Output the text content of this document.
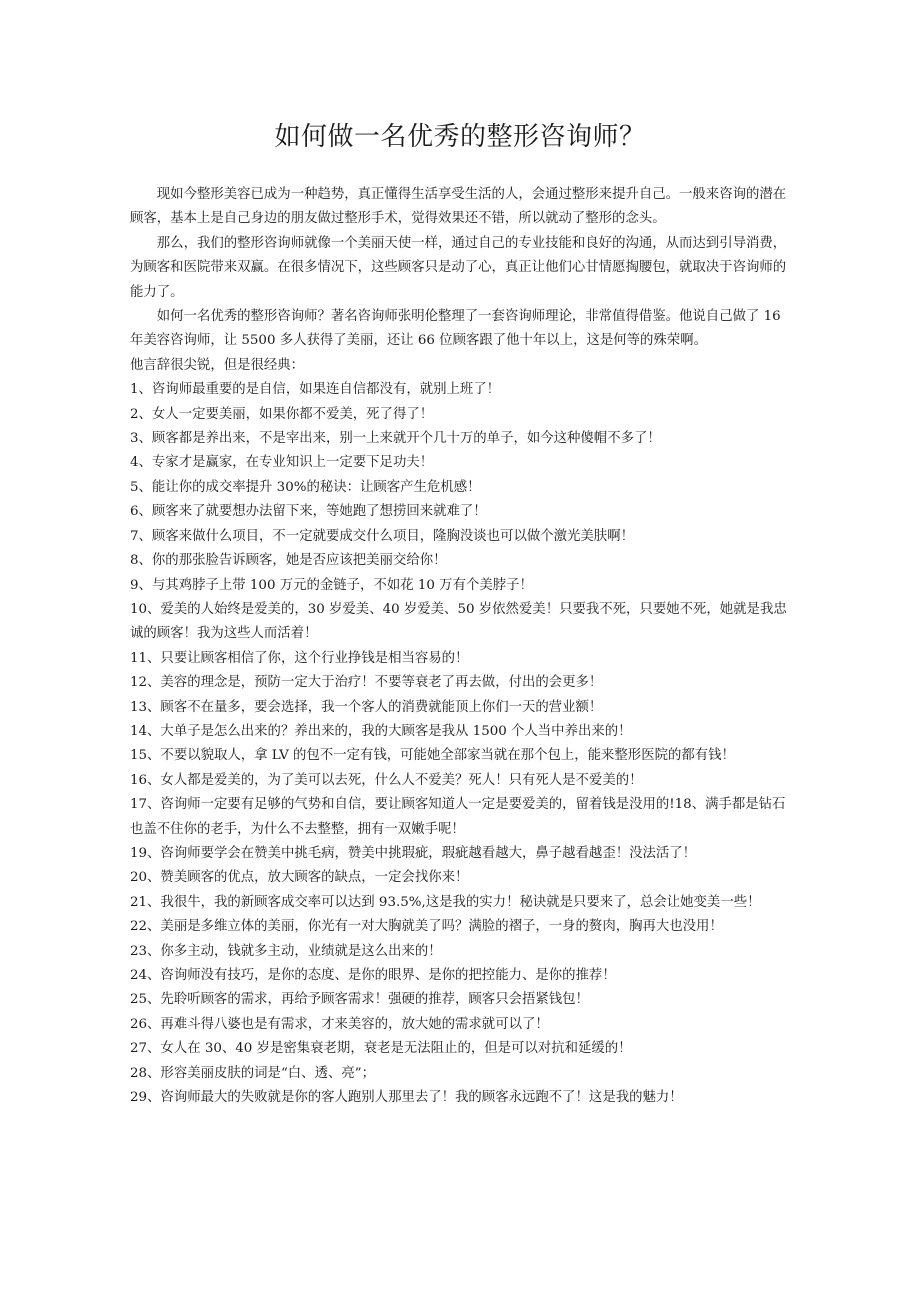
如何做一名优秀的整形咨询师？

现如今整形美容已成为一种趋势，真正懂得生活享受生活的人，会通过整形来提升自己。一般来咨询的潜在顾客，基本上是自己身边的朋友做过整形手术，觉得效果还不错，所以就动了整形的念头。

那么，我们的整形咨询师就像一个美丽天使一样，通过自己的专业技能和良好的沟通，从而达到引导消费，为顾客和医院带来双赢。在很多情况下，这些顾客只是动了心，真正让他们心甘情愿掏腰包，就取决于咨询师的能力了。

如何一名优秀的整形咨询师？著名咨询师张明伦整理了一套咨询师理论，非常值得借鉴。他说自己做了 16 年美容咨询师，让 5500 多人获得了美丽，还让 66 位顾客跟了他十年以上，这是何等的殊荣啊。

他言辞很尖锐，但是很经典：

1、咨询师最重要的是自信，如果连自信都没有，就别上班了！

2、女人一定要美丽，如果你都不爱美，死了得了！

3、顾客都是养出来，不是宰出来，别一上来就开个几十万的单子，如今这种傻帽不多了！

4、专家才是赢家，在专业知识上一定要下足功夫！

5、能让你的成交率提升 30%的秘诀：让顾客产生危机感！

6、顾客来了就要想办法留下来，等她跑了想捞回来就难了！

7、顾客来做什么项目，不一定就要成交什么项目，隆胸没谈也可以做个激光美肤啊！

8、你的那张脸告诉顾客，她是否应该把美丽交给你！

9、与其鸡脖子上带 100 万元的金链子，不如花 10 万有个美脖子！

10、爱美的人始终是爱美的，30 岁爱美、40 岁爱美、50 岁依然爱美！只要我不死，只要她不死，她就是我忠诚的顾客！我为这些人而活着！

11、只要让顾客相信了你，这个行业挣钱是相当容易的！

12、美容的理念是，预防一定大于治疗！不要等衰老了再去做，付出的会更多！

13、顾客不在量多，要会选择，我一个客人的消费就能顶上你们一天的营业额！

14、大单子是怎么出来的？养出来的，我的大顾客是我从 1500 个人当中养出来的！

15、不要以貌取人，拿 LV 的包不一定有钱，可能她全部家当就在那个包上，能来整形医院的都有钱！

16、女人都是爱美的，为了美可以去死，什么人不爱美？死人！只有死人是不爱美的！

17、咨询师一定要有足够的气势和自信，要让顾客知道人一定是要爱美的，留着钱是没用的!18、满手都是钻石也盖不住你的老手，为什么不去整整，拥有一双嫩手呢！

19、咨询师要学会在赞美中挑毛病，赞美中挑瑕疵，瑕疵越看越大，鼻子越看越歪！没法活了！

20、赞美顾客的优点，放大顾客的缺点，一定会找你来！

21、我很牛，我的新顾客成交率可以达到 93.5%,这是我的实力！秘诀就是只要来了，总会让她变美一些！

22、美丽是多维立体的美丽，你光有一对大胸就美了吗？满脸的褶子，一身的赘肉，胸再大也没用！

23、你多主动，钱就多主动，业绩就是这么出来的！

24、咨询师没有技巧，是你的态度、是你的眼界、是你的把控能力、是你的推荐！

25、先聆听顾客的需求，再给予顾客需求！强硬的推荐，顾客只会捂紧钱包！

26、再难斗得八婆也是有需求，才来美容的，放大她的需求就可以了！

27、女人在 30、40 岁是密集衰老期，衰老是无法阻止的，但是可以对抗和延缓的！

28、形容美丽皮肤的词是“白、透、亮”；

29、咨询师最大的失败就是你的客人跑别人那里去了！我的顾客永远跑不了！这是我的魅力！
